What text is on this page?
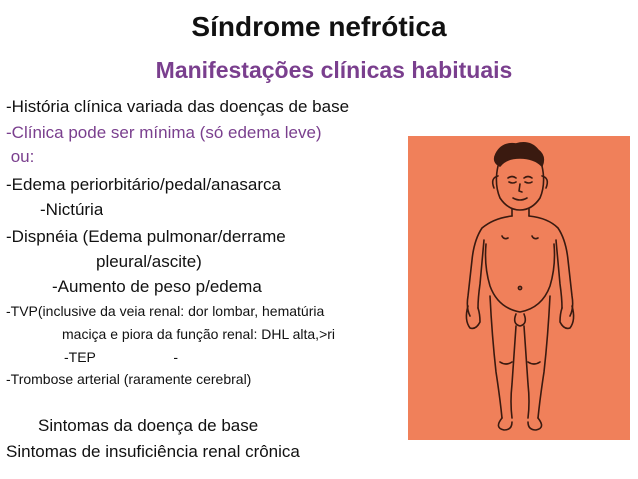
Síndrome nefrótica
Manifestações clínicas habituais
-História clínica variada das doenças de base
-Clínica pode ser mínima (só edema leve)
ou:
-Edema periorbitário/pedal/anasarca
-Nictúria
-Dispnéia (Edema pulmonar/derrame
pleural/ascite)
-Aumento de peso p/edema
-TVP(inclusive da veia renal: dor lombar, hematúria
maciça e piora da função renal: DHL alta,>ri
-TEP                    -
-Trombose arterial (raramente cerebral)
Sintomas da doença de base
Sintomas de insuficiência renal crônica
